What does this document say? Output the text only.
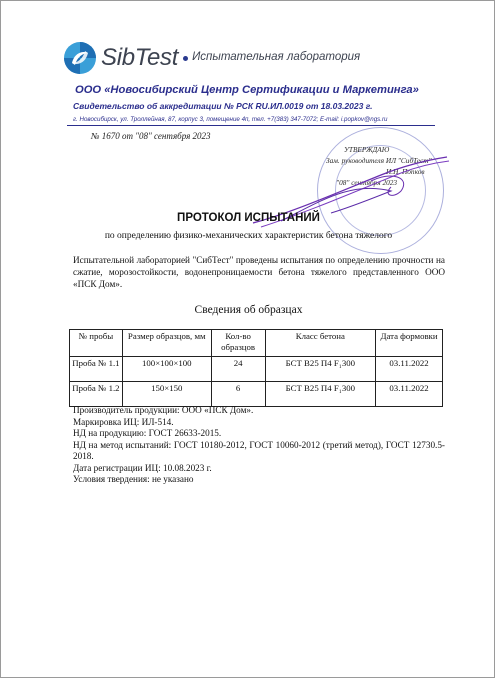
SibTest Испытательная лаборатория
ООО «Новосибирский Центр Сертификации и Маркетинга»
Свидетельство об аккредитации № РСК RU.ИЛ.0019 от 18.03.2023 г.
г. Новосибирск, ул. Троллейная, 87, корпус 3, помещение 4п, тел. +7(383) 347-7072; E-mail: i.popkov@ngs.ru
№ 1670 от "08" сентября 2023
УТВЕРЖДАЮ
Зам. руководителя ИЛ "СибТест"
И.Н. Попков
"08" сентября 2023
ПРОТОКОЛ ИСПЫТАНИЙ
по определению физико-механических характеристик бетона тяжелого
Испытательной лабораторией "СибТест" проведены испытания по определению прочности на сжатие, морозостойкости, водонепроницаемости бетона тяжелого представленного ООО «ПСК Дом».
Сведения об образцах
№ пробы	Размер образцов, мм	Кол-во образцов	Класс бетона	Дата формовки
Проба № 1.1	100×100×100	24	БСТ В25 П4 F₁300	03.11.2022
Проба № 1.2	150×150	6	БСТ В25 П4 F₁300	03.11.2022
Производитель продукции: ООО «ПСК Дом».
Маркировка ИЦ: ИЛ-514.
НД на продукцию: ГОСТ 26633-2015.
НД на метод испытаний: ГОСТ 10180-2012, ГОСТ 10060-2012 (третий метод), ГОСТ 12730.5-2018.
Дата регистрации ИЦ: 10.08.2023 г.
Условия твердения: не указано
